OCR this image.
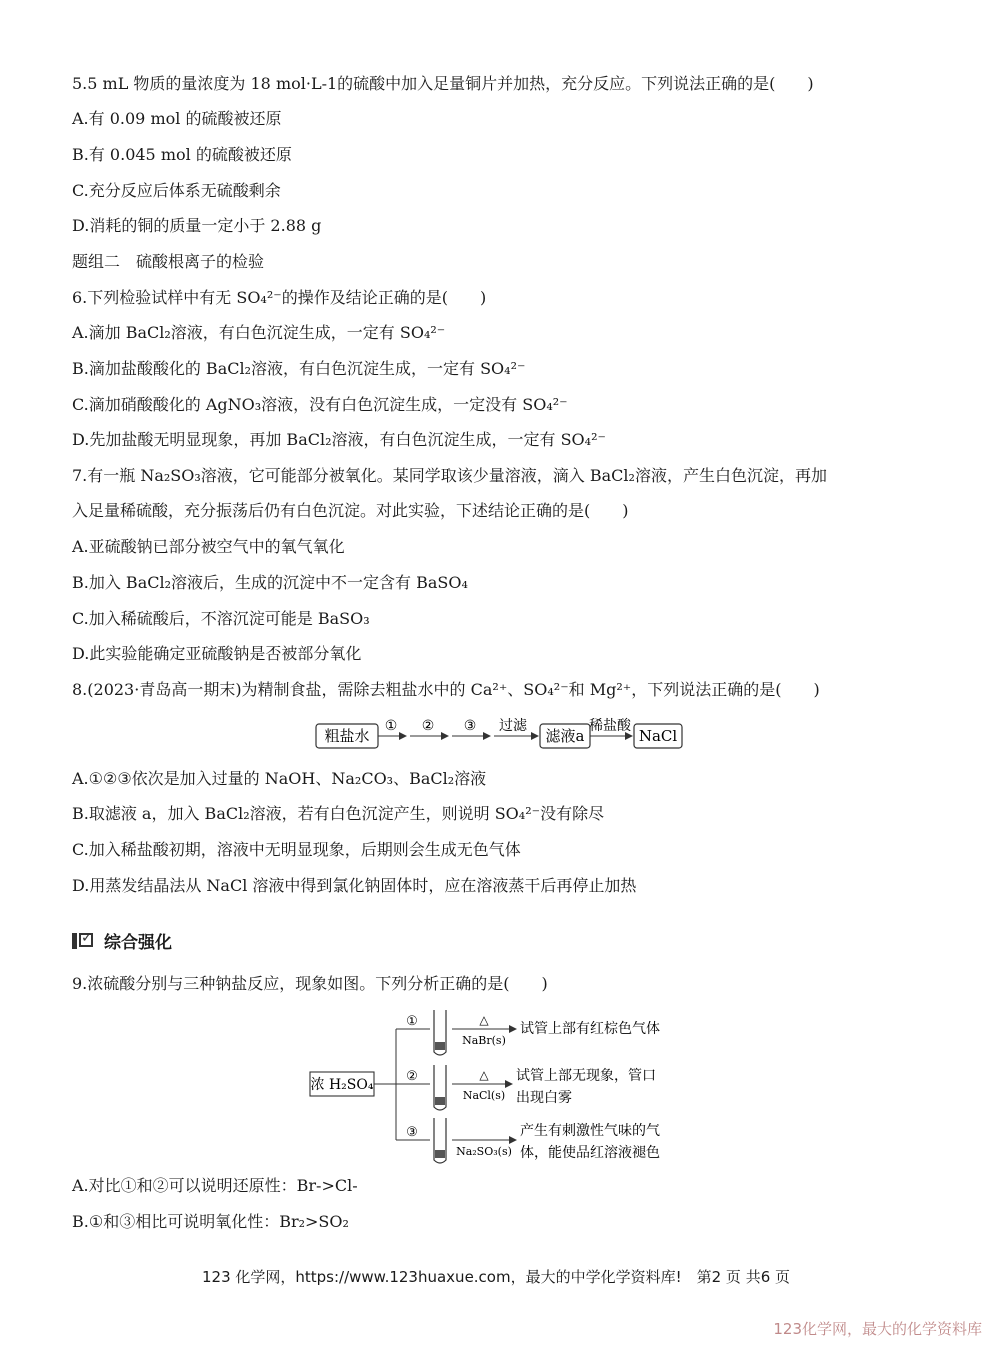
5.5 mL 物质的量浓度为 18 mol·L-1的硫酸中加入足量铜片并加热，充分反应。下列说法正确的是(　　)
A.有 0.09 mol 的硫酸被还原
B.有 0.045 mol 的硫酸被还原
C.充分反应后体系无硫酸剩余
D.消耗的铜的质量一定小于 2.88 g
题组二　硫酸根离子的检验
6.下列检验试样中有无 SO₄²⁻的操作及结论正确的是(　　)
A.滴加 BaCl₂溶液，有白色沉淀生成，一定有 SO₄²⁻
B.滴加盐酸酸化的 BaCl₂溶液，有白色沉淀生成，一定有 SO₄²⁻
C.滴加硝酸酸化的 AgNO₃溶液，没有白色沉淀生成，一定没有 SO₄²⁻
D.先加盐酸无明显现象，再加 BaCl₂溶液，有白色沉淀生成，一定有 SO₄²⁻
7.有一瓶 Na₂SO₃溶液，它可能部分被氧化。某同学取该少量溶液，滴入 BaCl₂溶液，产生白色沉淀，再加
入足量稀硫酸，充分振荡后仍有白色沉淀。对此实验，下述结论正确的是(　　)
A.亚硫酸钠已部分被空气中的氧气氧化
B.加入 BaCl₂溶液后，生成的沉淀中不一定含有 BaSO₄
C.加入稀硫酸后，不溶沉淀可能是 BaSO₃
D.此实验能确定亚硫酸钠是否被部分氧化
8.(2023·青岛高一期末)为精制食盐，需除去粗盐水中的 Ca²⁺、SO₄²⁻和 Mg²⁺，下列说法正确的是(　　)
粗盐水
① ② ③ 过滤
滤液a
稀盐酸
NaCl
A.①②③依次是加入过量的 NaOH、Na₂CO₃、BaCl₂溶液
B.取滤液 a，加入 BaCl₂溶液，若有白色沉淀产生，则说明 SO₄²⁻没有除尽
C.加入稀盐酸初期，溶液中无明显现象，后期则会生成无色气体
D.用蒸发结晶法从 NaCl 溶液中得到氯化钠固体时，应在溶液蒸干后再停止加热
✓ 综合强化
9.浓硫酸分别与三种钠盐反应，现象如图。下列分析正确的是(　　)
浓 H₂SO₄
①
②
③
△
NaBr(s)
试管上部有红棕色气体
△
NaCl(s)
试管上部无现象，管口
出现白雾
Na₂SO₃(s)
产生有刺激性气味的气
体，能使品红溶液褪色
A.对比①和②可以说明还原性：Br->Cl-
B.①和③相比可说明氧化性：Br₂>SO₂
123 化学网，https://www.123huaxue.com，最大的中学化学资料库!　第2 页 共6 页
123化学网，最大的化学资料库
